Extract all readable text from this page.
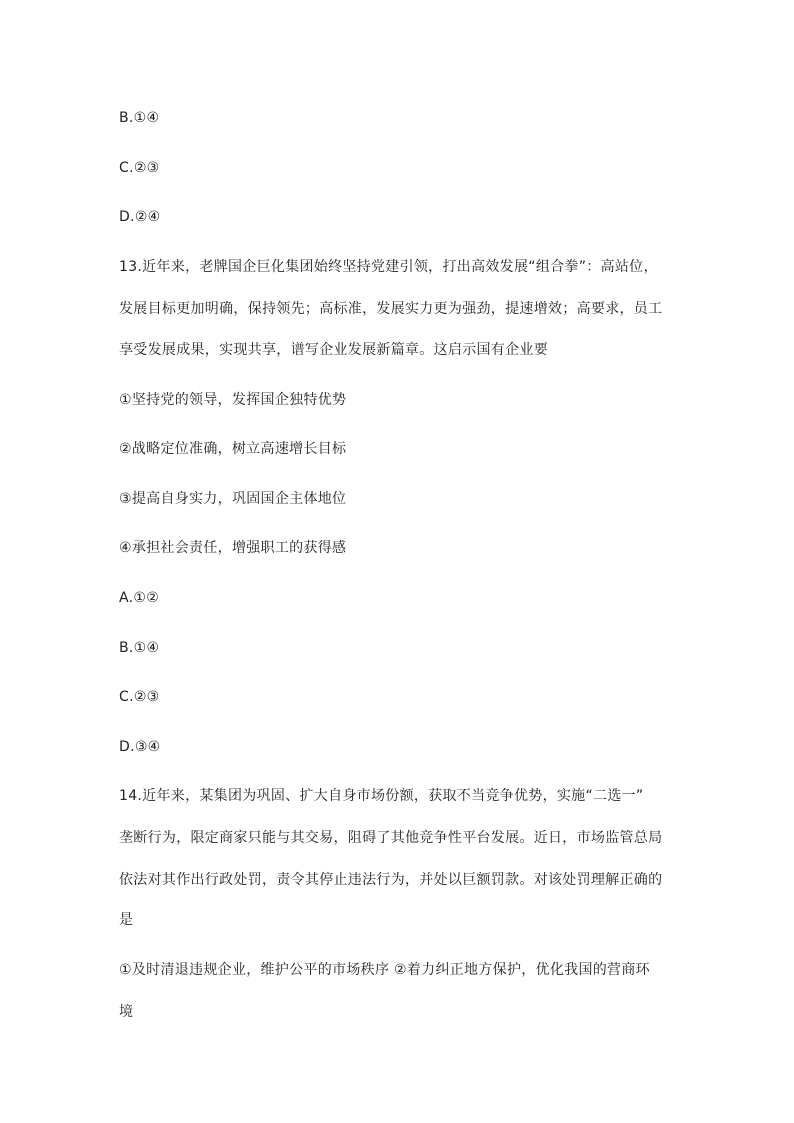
B.①④
C.②③
D.②④
13.近年来，老牌国企巨化集团始终坚持党建引领，打出高效发展“组合拳”：高站位，
发展目标更加明确，保持领先；高标准，发展实力更为强劲，提速增效；高要求，员工
享受发展成果，实现共享，谱写企业发展新篇章。这启示国有企业要
①坚持党的领导，发挥国企独特优势
②战略定位准确，树立高速增长目标
③提高自身实力，巩固国企主体地位
④承担社会责任，增强职工的获得感
A.①②
B.①④
C.②③
D.③④
14.近年来，某集团为巩固、扩大自身市场份额，获取不当竞争优势，实施“二选一”
垄断行为，限定商家只能与其交易，阻碍了其他竞争性平台发展。近日，市场监管总局
依法对其作出行政处罚，责令其停止违法行为，并处以巨额罚款。对该处罚理解正确的
是
①及时清退违规企业，维护公平的市场秩序 ②着力纠正地方保护，优化我国的营商环
境
